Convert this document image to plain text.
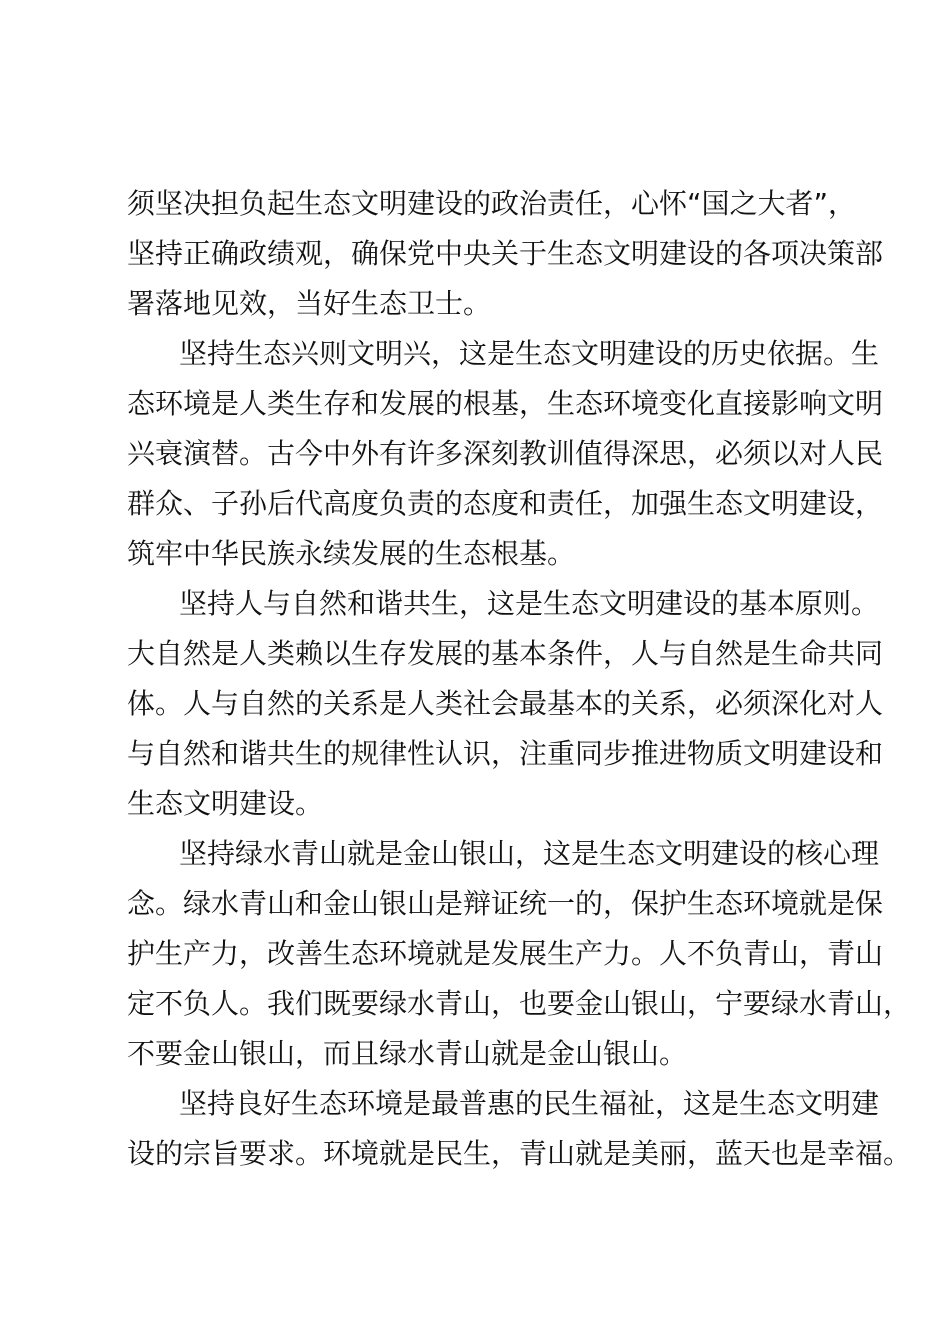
须坚决担负起生态文明建设的政治责任，心怀“国之大者”，
坚持正确政绩观，确保党中央关于生态文明建设的各项决策部
署落地见效，当好生态卫士。
坚持生态兴则文明兴，这是生态文明建设的历史依据。生
态环境是人类生存和发展的根基，生态环境变化直接影响文明
兴衰演替。古今中外有许多深刻教训值得深思，必须以对人民
群众、子孙后代高度负责的态度和责任，加强生态文明建设，
筑牢中华民族永续发展的生态根基。
坚持人与自然和谐共生，这是生态文明建设的基本原则。
大自然是人类赖以生存发展的基本条件，人与自然是生命共同
体。人与自然的关系是人类社会最基本的关系，必须深化对人
与自然和谐共生的规律性认识，注重同步推进物质文明建设和
生态文明建设。
坚持绿水青山就是金山银山，这是生态文明建设的核心理
念。绿水青山和金山银山是辩证统一的，保护生态环境就是保
护生产力，改善生态环境就是发展生产力。人不负青山，青山
定不负人。我们既要绿水青山，也要金山银山，宁要绿水青山，
不要金山银山，而且绿水青山就是金山银山。
坚持良好生态环境是最普惠的民生福祉，这是生态文明建
设的宗旨要求。环境就是民生，青山就是美丽，蓝天也是幸福。
